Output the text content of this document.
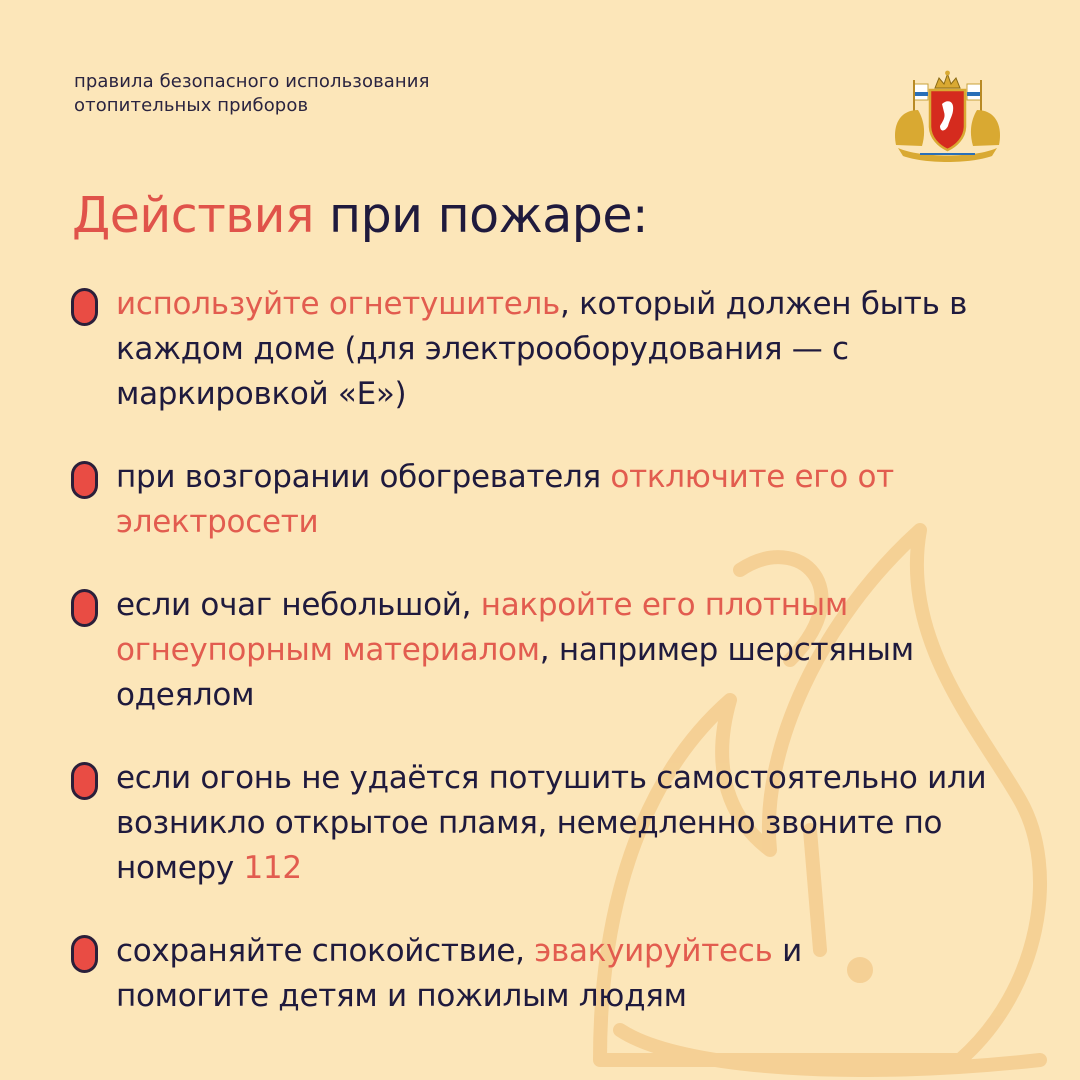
правила безопасного использования
отопительных приборов
Действия при пожаре:
используйте огнетушитель, который должен быть в каждом доме (для электрооборудования — с маркировкой «Е»)
при возгорании обогревателя отключите его от электросети
если очаг небольшой, накройте его плотным огнеупорным материалом, например шерстяным одеялом
если огонь не удаётся потушить самостоятельно или возникло открытое пламя, немедленно звоните по номеру 112
сохраняйте спокойствие, эвакуируйтесь и помогите детям и пожилым людям
